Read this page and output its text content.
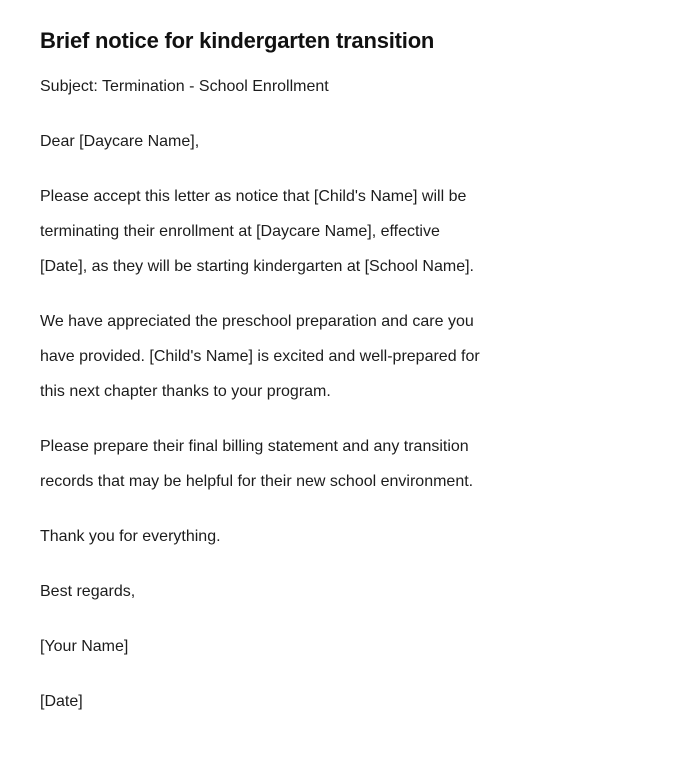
Brief notice for kindergarten transition

Subject: Termination - School Enrollment

Dear [Daycare Name],

Please accept this letter as notice that [Child's Name] will be
terminating their enrollment at [Daycare Name], effective
[Date], as they will be starting kindergarten at [School Name].

We have appreciated the preschool preparation and care you
have provided. [Child's Name] is excited and well-prepared for
this next chapter thanks to your program.

Please prepare their final billing statement and any transition
records that may be helpful for their new school environment.

Thank you for everything.

Best regards,

[Your Name]

[Date]
